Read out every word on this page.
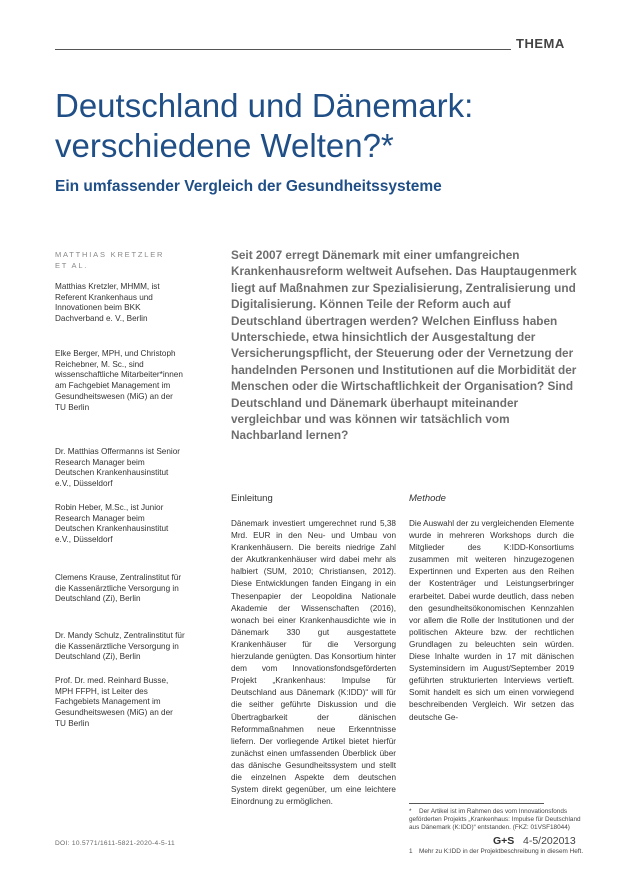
THEMA
Deutschland und Dänemark:
verschiedene Welten?*
Ein umfassender Vergleich der Gesundheitssysteme
MATTHIAS KRETZLER
ET AL.
Matthias Kretzler, MHMM, ist Referent Krankenhaus und Innovationen beim BKK Dachverband e. V., Berlin
Elke Berger, MPH, und Christoph Reichebner, M. Sc., sind wissenschaftliche Mitarbeiter*innen am Fachgebiet Management im Gesundheitswesen (MiG) an der TU Berlin
Dr. Matthias Offermanns ist Senior Research Manager beim Deutschen Krankenhausinstitut e.V., Düsseldorf
Robin Heber, M.Sc., ist Junior Research Manager beim Deutschen Krankenhausinstitut e.V., Düsseldorf
Clemens Krause, Zentralinstitut für die Kassenärztliche Versorgung in Deutschland (Zi), Berlin
Dr. Mandy Schulz, Zentralinstitut für die Kassenärztliche Versorgung in Deutschland (Zi), Berlin
Prof. Dr. med. Reinhard Busse, MPH FFPH, ist Leiter des Fachgebiets Management im Gesundheitswesen (MiG) an der TU Berlin
Seit 2007 erregt Dänemark mit einer umfangreichen Krankenhausreform weltweit Aufsehen. Das Hauptaugenmerk liegt auf Maßnahmen zur Spezialisierung, Zentralisierung und Digitalisierung. Können Teile der Reform auch auf Deutschland übertragen werden? Welchen Einfluss haben Unterschiede, etwa hinsichtlich der Ausgestaltung der Versicherungspflicht, der Steuerung oder der Vernetzung der handelnden Personen und Institutionen auf die Morbidität der Menschen oder die Wirtschaftlichkeit der Organisation? Sind Deutschland und Dänemark überhaupt miteinander vergleichbar und was können wir tatsächlich vom Nachbarland lernen?
Einleitung	Methode
Dänemark investiert umgerechnet rund 5,38 Mrd. EUR in den Neu- und Umbau von Krankenhäusern. Die bereits niedrige Zahl der Akutkrankenhäuser wird dabei mehr als halbiert (SUM, 2010; Christiansen, 2012). Diese Entwicklungen fanden Eingang in ein Thesenpapier der Leopoldina Nationale Akademie der Wissenschaften (2016), wonach bei einer Krankenhausdichte wie in Dänemark 330 gut ausgestattete Krankenhäuser für die Versorgung hierzulande genügten. Das Konsortium hinter dem vom Innovationsfondsgeförderten Projekt „Krankenhaus: Impulse für Deutschland aus Dänemark (K:IDD)“ will für die seither geführte Diskussion und die Übertragbarkeit der dänischen Reformmaßnahmen neue Erkenntnisse liefern. Der vorliegende Artikel bietet hierfür zunächst einen umfassenden Überblick über das dänische Gesundheitssystem und stellt die einzelnen Aspekte dem deutschen System direkt gegenüber, um eine leichtere Einordnung zu ermöglichen.
Die Auswahl der zu vergleichenden Elemente wurde in mehreren Workshops durch die Mitglieder des K:IDD-Konsortiums zusammen mit weiteren hinzugezogenen Expertinnen und Experten aus den Reihen der Kostenträger und Leistungserbringer erarbeitet. Dabei wurde deutlich, dass neben den gesundheitsökonomischen Kennzahlen vor allem die Rolle der Institutionen und der politischen Akteure bzw. der rechtlichen Grundlagen zu beleuchten sein würden. Diese Inhalte wurden in 17 mit dänischen Systeminsidern im August/September 2019 geführten strukturierten Interviews vertieft. Somit handelt es sich um einen vorwiegend beschreibenden Vergleich. Wir setzen das deutsche Ge-
* Der Artikel ist im Rahmen des vom Innovationsfonds geförderten Projekts „Krankenhaus: Impulse für Deutschland aus Dänemark (K:IDD)“ entstanden. (FKZ: 01VSF18044)
1 Mehr zu K:IDD in der Projektbeschreibung in diesem Heft.
DOI: 10.5771/1611-5821-2020-4-5-11	G+S 4-5/2020 13
